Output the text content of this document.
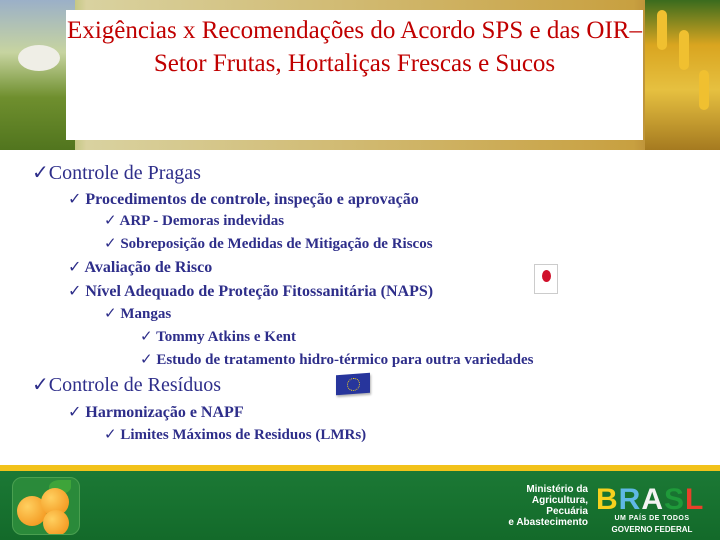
Exigências x Recomendações do Acordo SPS e das OIR– Setor Frutas, Hortaliças Frescas e Sucos
✓Controle de Pragas
✓ Procedimentos de controle, inspeção e aprovação
✓ ARP - Demoras indevidas
✓ Sobreposição de Medidas de Mitigação de Riscos
✓ Avaliação de Risco
✓ Nível Adequado de Proteção Fitossanitária (NAPS)
✓ Mangas
✓ Tommy Atkins e Kent
✓ Estudo de tratamento hidro-térmico para outra variedades
✓Controle de Resíduos
✓ Harmonização e NAPF
✓ Limites Máximos de Residuos (LMRs)
Ministério da
Agricultura, Pecuária
e Abastecimento
BRASL
UM PAÍS DE TODOS
GOVERNO FEDERAL
